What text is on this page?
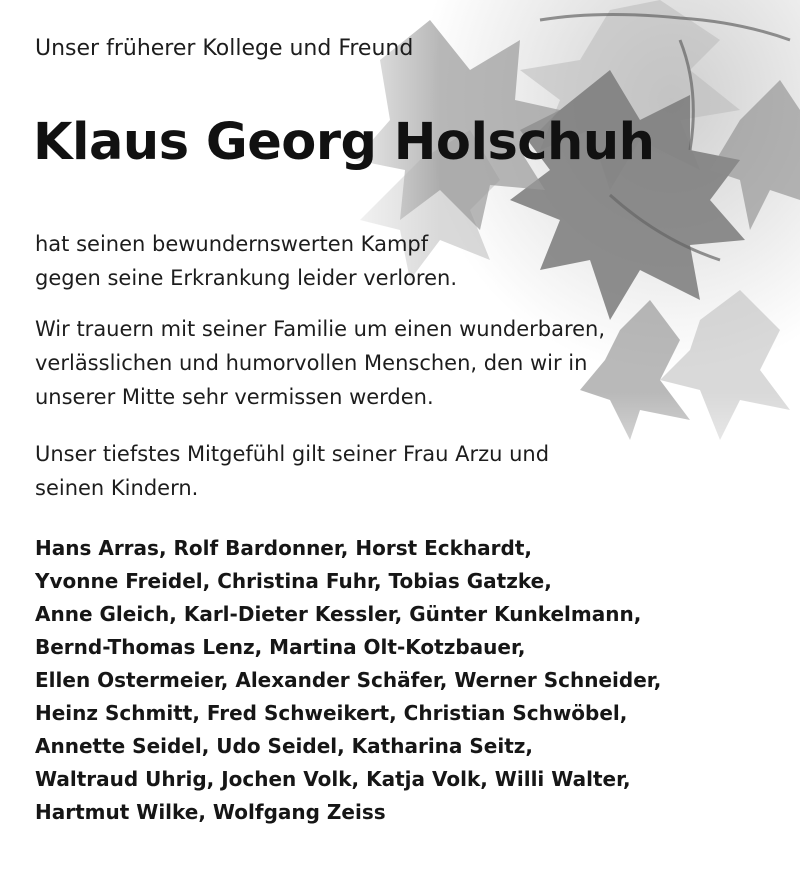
Unser früherer Kollege und Freund

Klaus Georg Holschuh

hat seinen bewundernswerten Kampf
gegen seine Erkrankung leider verloren.

Wir trauern mit seiner Familie um einen wunderbaren,
verlässlichen und humorvollen Menschen, den wir in
unserer Mitte sehr vermissen werden.

Unser tiefstes Mitgefühl gilt seiner Frau Arzu und
seinen Kindern.

Hans Arras, Rolf Bardonner, Horst Eckhardt,
Yvonne Freidel, Christina Fuhr, Tobias Gatzke,
Anne Gleich, Karl-Dieter Kessler, Günter Kunkelmann,
Bernd-Thomas Lenz, Martina Olt-Kotzbauer,
Ellen Ostermeier, Alexander Schäfer, Werner Schneider,
Heinz Schmitt, Fred Schweikert, Christian Schwöbel,
Annette Seidel, Udo Seidel, Katharina Seitz,
Waltraud Uhrig, Jochen Volk, Katja Volk, Willi Walter,
Hartmut Wilke, Wolfgang Zeiss
